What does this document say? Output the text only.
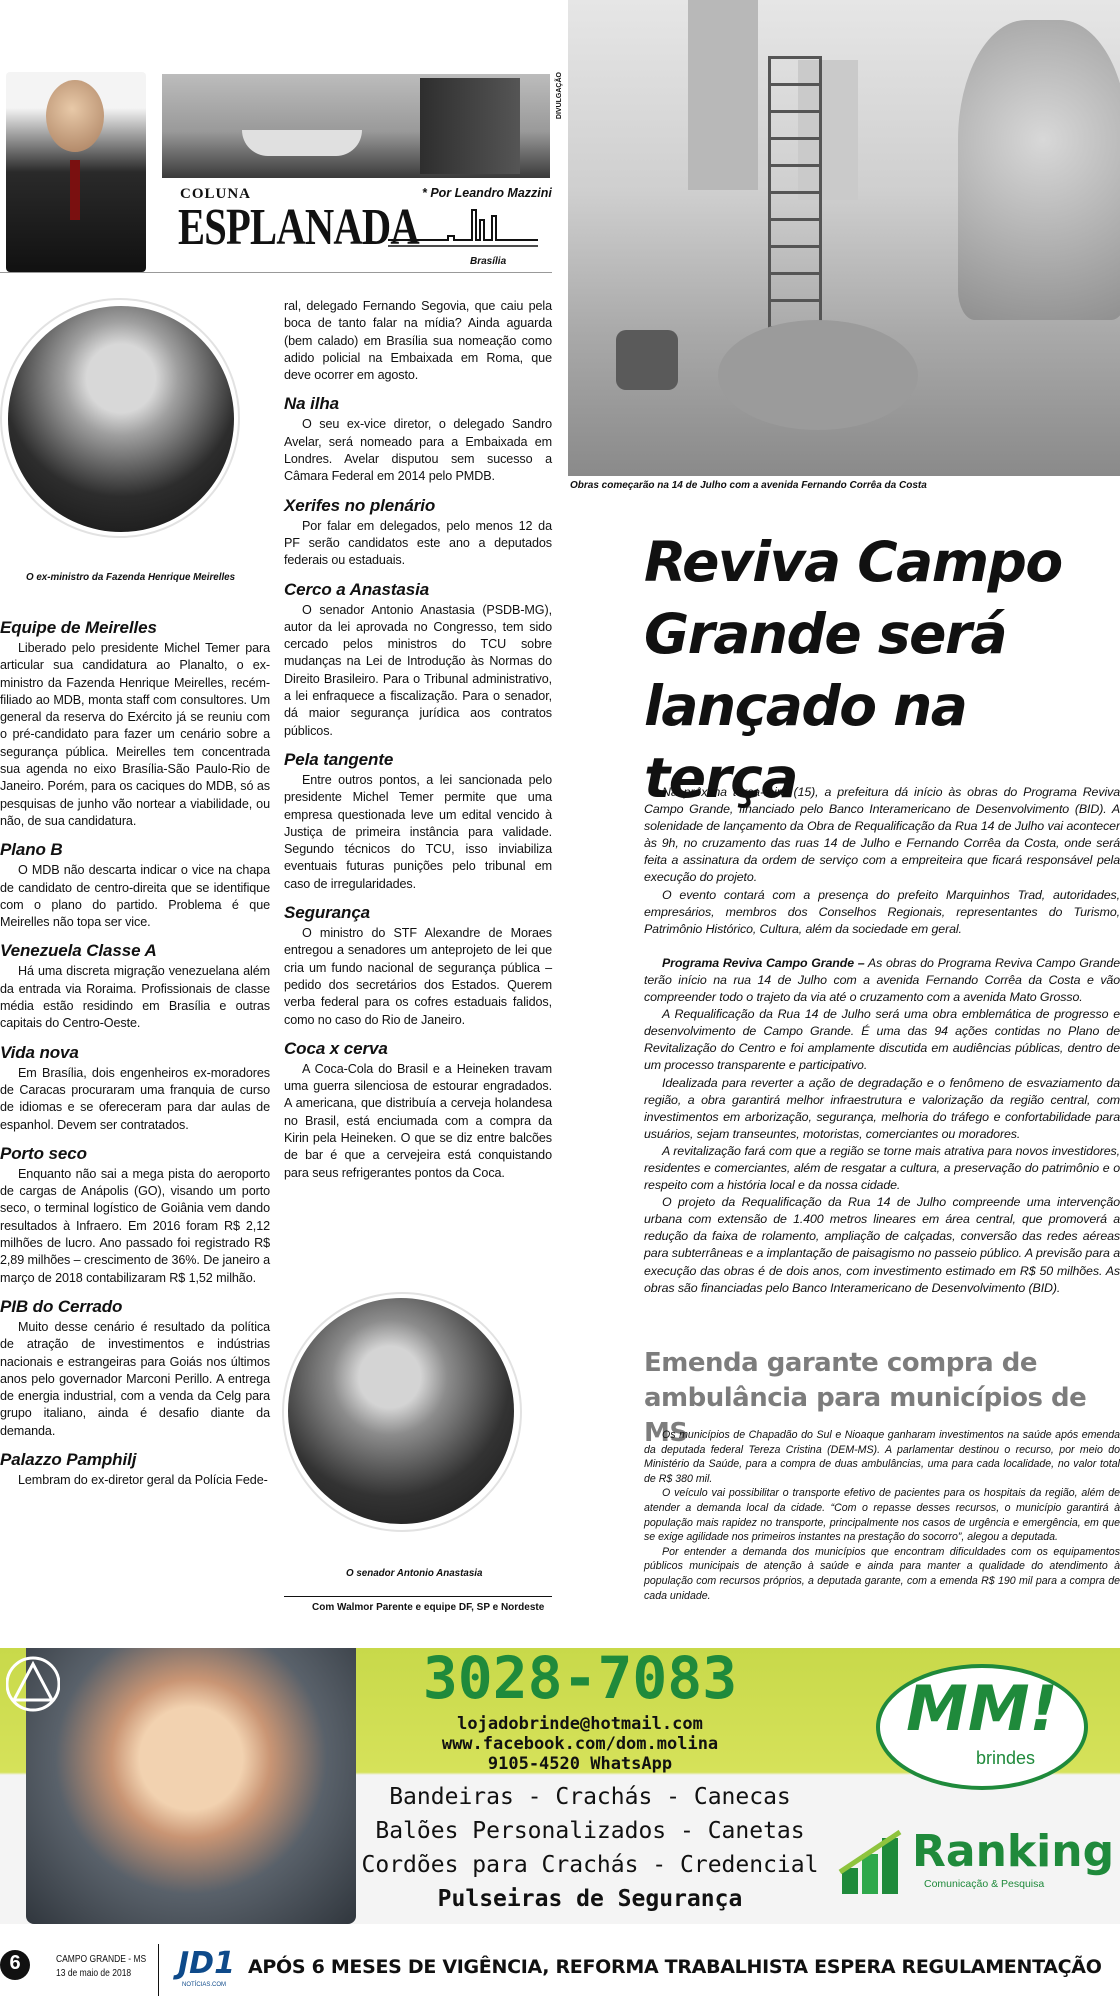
COLUNA
ESPLANADA
* Por Leandro Mazzini
Brasília
DIVULGAÇÃO
Obras começarão na 14 de Julho com a avenida Fernando Corrêa da Costa
O ex-ministro da Fazenda Henrique Meirelles
Equipe de Meirelles

Liberado pelo presidente Michel Temer para articular sua candidatura ao Planalto, o ex-ministro da Fazenda Henrique Meirelles, recém-filiado ao MDB, monta staff com consultores. Um general da reserva do Exército já se reuniu com o pré-candidato para fazer um cenário sobre a segurança pública. Meirelles tem concentrada sua agenda no eixo Brasília-São Paulo-Rio de Janeiro. Porém, para os caciques do MDB, só as pesquisas de junho vão nortear a viabilidade, ou não, de sua candidatura.

Plano B

O MDB não descarta indicar o vice na chapa de candidato de centro-direita que se identifique com o plano do partido. Problema é que Meirelles não topa ser vice.

Venezuela Classe A

Há uma discreta migração venezuelana além da entrada via Roraima. Profissionais de classe média estão residindo em Brasília e outras capitais do Centro-Oeste.

Vida nova

Em Brasília, dois engenheiros ex-moradores de Caracas procuraram uma franquia de curso de idiomas e se ofereceram para dar aulas de espanhol. Devem ser contratados.

Porto seco

Enquanto não sai a mega pista do aeroporto de cargas de Anápolis (GO), visando um porto seco, o terminal logístico de Goiânia vem dando resultados à Infraero. Em 2016 foram R$ 2,12 milhões de lucro. Ano passado foi registrado R$ 2,89 milhões – crescimento de 36%. De janeiro a março de 2018 contabilizaram R$ 1,52 milhão.

PIB do Cerrado

Muito desse cenário é resultado da política de atração de investimentos e indústrias nacionais e estrangeiras para Goiás nos últimos anos pelo governador Marconi Perillo. A entrega de energia industrial, com a venda da Celg para grupo italiano, ainda é desafio diante da demanda.

Palazzo Pamphilj

Lembram do ex-diretor geral da Polícia Fede-

ral, delegado Fernando Segovia, que caiu pela boca de tanto falar na mídia? Ainda aguarda (bem calado) em Brasília sua nomeação como adido policial na Embaixada em Roma, que deve ocorrer em agosto.

Na ilha

O seu ex-vice diretor, o delegado Sandro Avelar, será nomeado para a Embaixada em Londres. Avelar disputou sem sucesso a Câmara Federal em 2014 pelo PMDB.

Xerifes no plenário

Por falar em delegados, pelo menos 12 da PF serão candidatos este ano a deputados federais ou estaduais.

Cerco a Anastasia

O senador Antonio Anastasia (PSDB-MG), autor da lei aprovada no Congresso, tem sido cercado pelos ministros do TCU sobre mudanças na Lei de Introdução às Normas do Direito Brasileiro. Para o Tribunal administrativo, a lei enfraquece a fiscalização. Para o senador, dá maior segurança jurídica aos contratos públicos.

Pela tangente

Entre outros pontos, a lei sancionada pelo presidente Michel Temer permite que uma empresa questionada leve um edital vencido à Justiça de primeira instância para validade. Segundo técnicos do TCU, isso inviabiliza eventuais futuras punições pelo tribunal em caso de irregularidades.

Segurança

O ministro do STF Alexandre de Moraes entregou a senadores um anteprojeto de lei que cria um fundo nacional de segurança pública – pedido dos secretários dos Estados. Querem verba federal para os cofres estaduais falidos, como no caso do Rio de Janeiro.

Coca x cerva

A Coca-Cola do Brasil e a Heineken travam uma guerra silenciosa de estourar engradados. A americana, que distribuía a cerveja holandesa no Brasil, está enciumada com a compra da Kirin pela Heineken. O que se diz entre balcões de bar é que a cervejeira está conquistando para seus refrigerantes pontos da Coca.

O senador Antonio Anastasia
Com Walmor Parente e equipe DF, SP e Nordeste
Reviva Campo Grande será lançado na terça

Na próxima terça-feira (15), a prefeitura dá início às obras do Programa Reviva Campo Grande, financiado pelo Banco Interamericano de Desenvolvimento (BID). A solenidade de lançamento da Obra de Requalificação da Rua 14 de Julho vai acontecer às 9h, no cruzamento das ruas 14 de Julho e Fernando Corrêa da Costa, onde será feita a assinatura da ordem de serviço com a empreiteira que ficará responsável pela execução do projeto.

O evento contará com a presença do prefeito Marquinhos Trad, autoridades, empresários, membros dos Conselhos Regionais, representantes do Turismo, Patrimônio Histórico, Cultura, além da sociedade em geral.

Programa Reviva Campo Grande – As obras do Programa Reviva Campo Grande terão início na rua 14 de Julho com a avenida Fernando Corrêa da Costa e vão compreender todo o trajeto da via até o cruzamento com a avenida Mato Grosso.

A Requalificação da Rua 14 de Julho será uma obra emblemática de progresso e desenvolvimento de Campo Grande. É uma das 94 ações contidas no Plano de Revitalização do Centro e foi amplamente discutida em audiências públicas, dentro de um processo transparente e participativo.

Idealizada para reverter a ação de degradação e o fenômeno de esvaziamento da região, a obra garantirá melhor infraestrutura e valorização da região central, com investimentos em arborização, segurança, melhoria do tráfego e confortabilidade para usuários, sejam transeuntes, motoristas, comerciantes ou moradores.

A revitalização fará com que a região se torne mais atrativa para novos investidores, residentes e comerciantes, além de resgatar a cultura, a preservação do patrimônio e o respeito com a história local e da nossa cidade.

O projeto da Requalificação da Rua 14 de Julho compreende uma intervenção urbana com extensão de 1.400 metros lineares em área central, que promoverá a redução da faixa de rolamento, ampliação de calçadas, conversão das redes aéreas para subterrâneas e a implantação de paisagismo no passeio público. A previsão para a execução das obras é de dois anos, com investimento estimado em R$ 50 milhões. As obras são financiadas pelo Banco Interamericano de Desenvolvimento (BID).

Emenda garante compra de ambulância para municípios de MS

Os municípios de Chapadão do Sul e Nioaque ganharam investimentos na saúde após emenda da deputada federal Tereza Cristina (DEM-MS). A parlamentar destinou o recurso, por meio do Ministério da Saúde, para a compra de duas ambulâncias, uma para cada localidade, no valor total de R$ 380 mil.

O veículo vai possibilitar o transporte efetivo de pacientes para os hospitais da região, além de atender a demanda local da cidade. “Com o repasse desses recursos, o município garantirá à população mais rapidez no transporte, principalmente nos casos de urgência e emergência, em que se exige agilidade nos primeiros instantes na prestação do socorro”, alegou a deputada.

Por entender a demanda dos municípios que encontram dificuldades com os equipamentos públicos municipais de atenção à saúde e ainda para manter a qualidade do atendimento à população com recursos próprios, a deputada garante, com a emenda R$ 190 mil para a compra de cada unidade.

3028-7083
lojadobrinde@hotmail.com
www.facebook.com/dom.molina
9105-4520 WhatsApp
Bandeiras - Crachás - Canecas
Balões Personalizados - Canetas
Cordões para Crachás - Credencial
Pulseiras de Segurança
MM!
brindes
Ranking
Comunicação & Pesquisa
6	CAMPO GRANDE - MS
13 de maio de 2018 JD1
NOTÍCIAS.COM
APÓS 6 MESES DE VIGÊNCIA, REFORMA TRABALHISTA ESPERA REGULAMENTAÇÃO
